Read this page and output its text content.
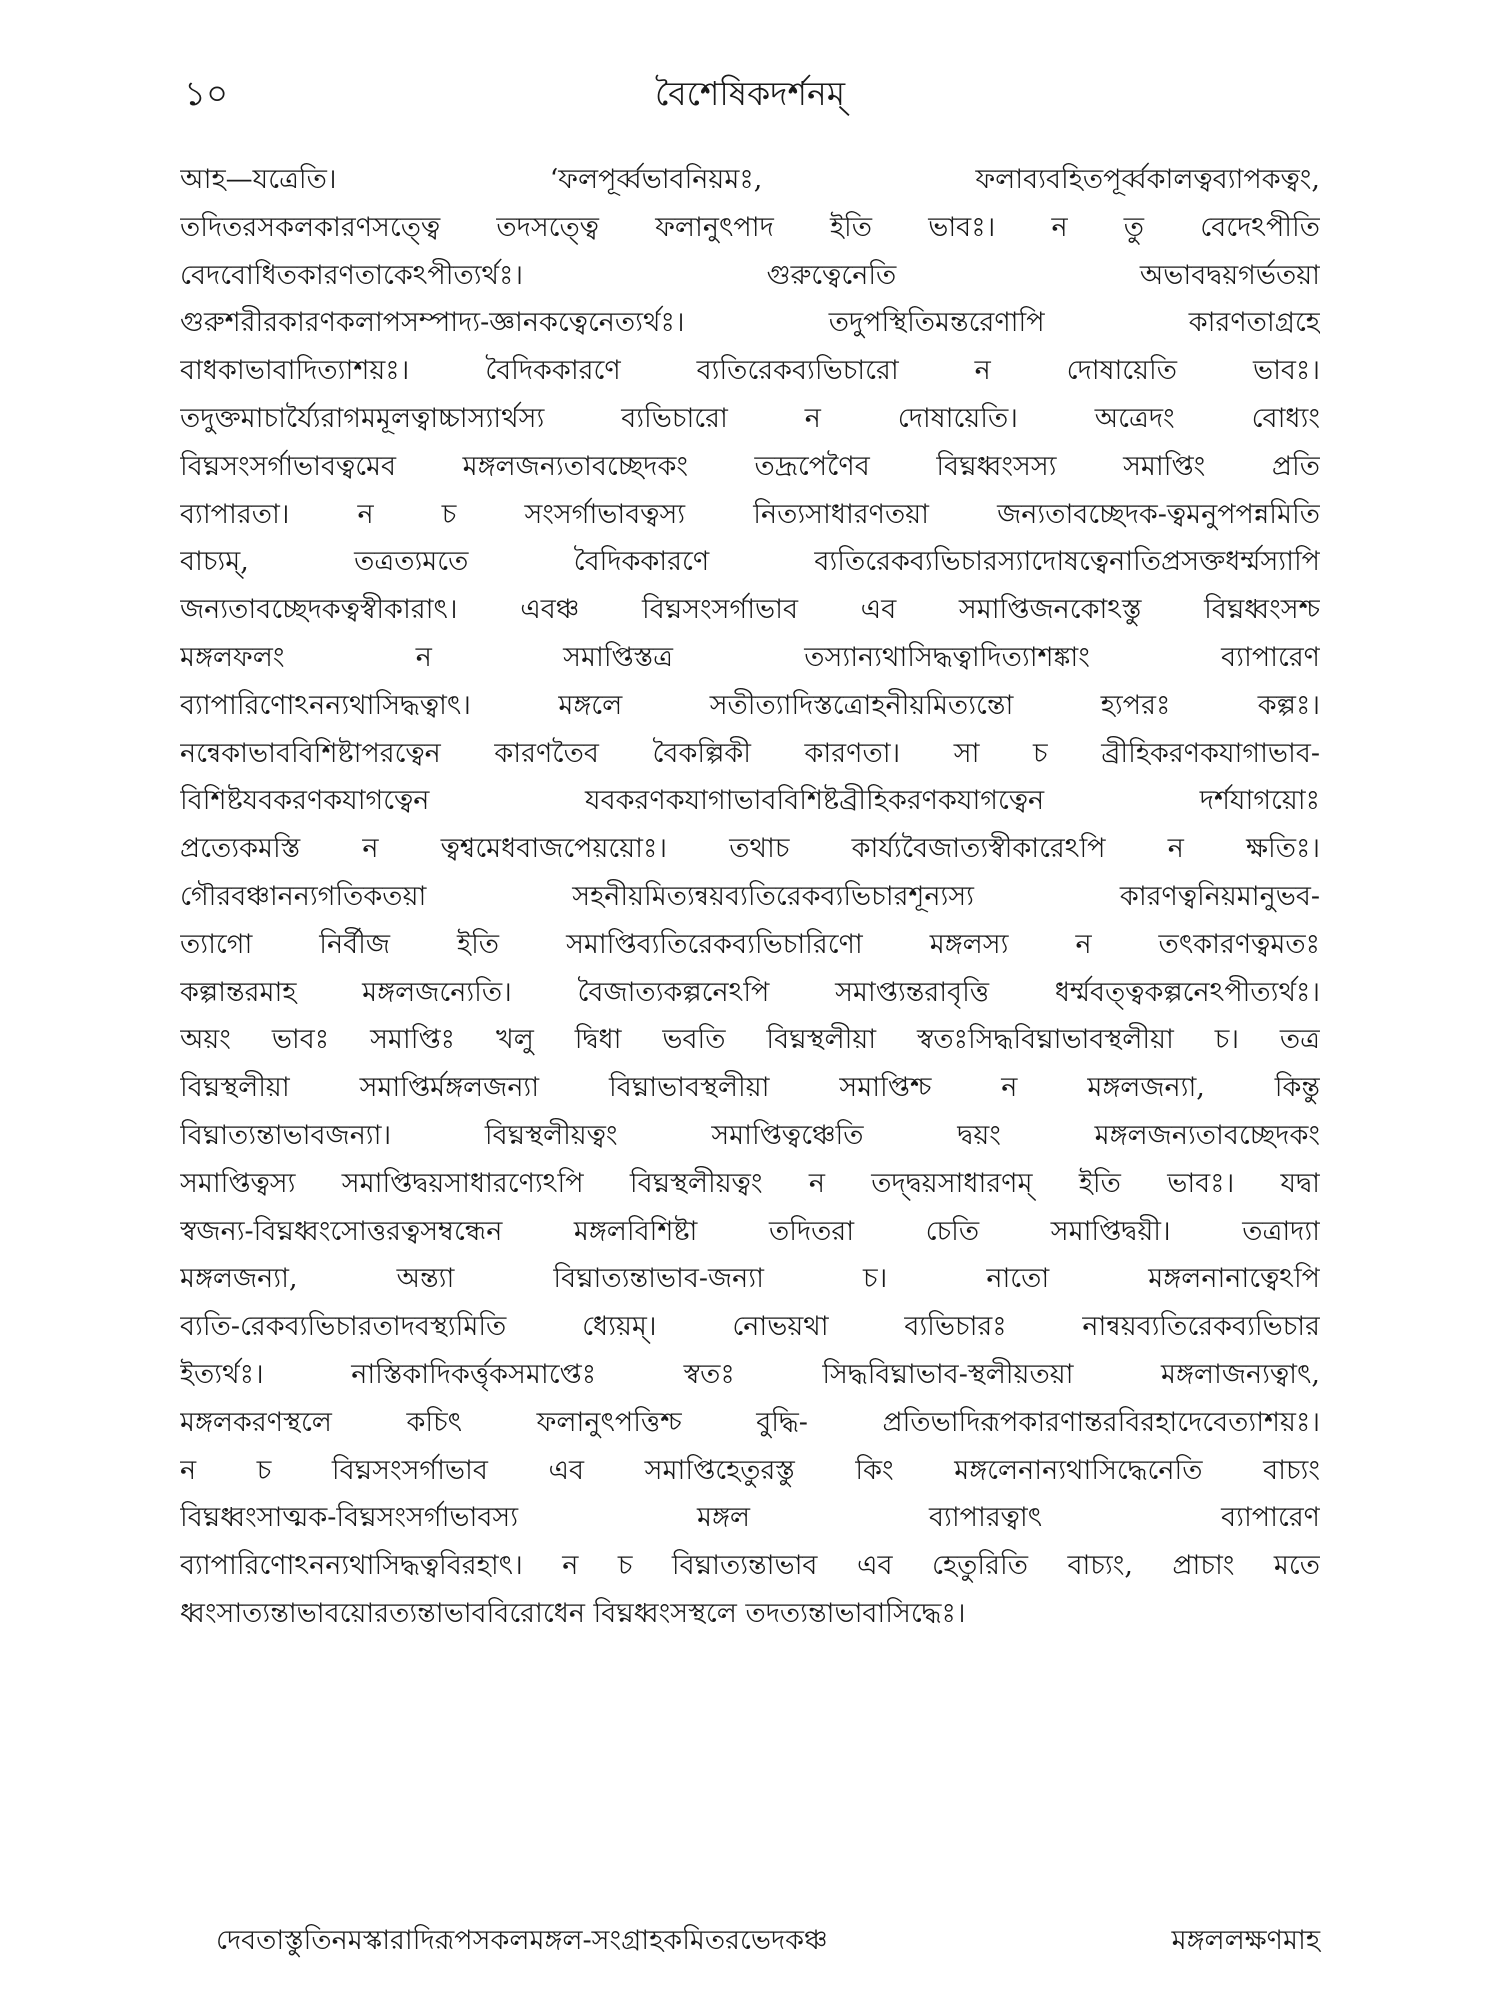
১০	বৈশেষিকদর্শনম্
আহ—যত্রেতি। ‘ফলপূর্ব্বভাবনিয়মঃ, ফলাব্যবহিতপূর্ব্বকালত্বব্যাপকত্বং,
তদিতরসকলকারণসত্ত্বে তদসত্ত্বে ফলানুৎপাদ ইতি ভাবঃ। ন তু বেদেঽপীতি
বেদবোধিতকারণতাকেঽপীত্যর্থঃ। গুরুত্বেনেতি অভাবদ্বয়গর্ভতয়া
গুরুশরীরকারণকলাপসম্পাদ্য-জ্ঞানকত্বেনেত্যর্থঃ। তদুপস্থিতিমন্তরেণাপি কারণতাগ্রহে
বাধকাভাবাদিত্যাশয়ঃ। বৈদিককারণে ব্যতিরেকব্যভিচারো ন দোষায়েতি ভাবঃ।
তদুক্তমাচার্য্যৈরাগমমূলত্বাচ্চাস্যার্থস্য ব্যভিচারো ন দোষায়েতি। অত্রেদং বোধ্যং
বিঘ্নসংসর্গাভাবত্বমেব মঙ্গলজন্যতাবচ্ছেদকং তদ্রূপেণৈব বিঘ্নধ্বংসস্য সমাপ্তিং প্রতি
ব্যাপারতা। ন চ সংসর্গাভাবত্বস্য নিত্যসাধারণতয়া জন্যতাবচ্ছেদক-ত্বমনুপপন্নমিতি
বাচ্যম্, তত্রত্যমতে বৈদিককারণে ব্যতিরেকব্যভিচারস্যাদোষত্বেনাতিপ্রসক্তধর্ম্মস্যাপি
জন্যতাবচ্ছেদকত্বস্বীকারাৎ। এবঞ্চ বিঘ্নসংসর্গাভাব এব সমাপ্তিজনকোঽস্তু বিঘ্নধ্বংসশ্চ
মঙ্গলফলং ন সমাপ্তিস্তত্র তস্যান্যথাসিদ্ধত্বাদিত্যাশঙ্কাং ব্যাপারেণ
ব্যাপারিণোঽনন্যথাসিদ্ধত্বাৎ। মঙ্গলে সতীত্যাদিস্তত্রোহনীয়মিত্যন্তো হ্যপরঃ কল্পঃ।
নন্বেকাভাববিশিষ্টাপরত্বেন কারণতৈব বৈকল্পিকী কারণতা। সা চ ব্রীহিকরণকযাগাভাব-
বিশিষ্টযবকরণকযাগত্বেন যবকরণকযাগাভাববিশিষ্টব্রীহিকরণকযাগত্বেন দর্শযাগয়োঃ
প্রত্যেকমস্তি ন ত্বশ্বমেধবাজপেয়য়োঃ। তথাচ কার্য্যবৈজাত্যস্বীকারেঽপি ন ক্ষতিঃ।
গৌরবঞ্চানন্যগতিকতয়া সহনীয়মিত্যন্বয়ব্যতিরেকব্যভিচারশূন্যস্য কারণত্বনিয়মানুভব-
ত্যাগো নির্বীজ ইতি সমাপ্তিব্যতিরেকব্যভিচারিণো মঙ্গলস্য ন তৎকারণত্বমতঃ
কল্পান্তরমাহ মঙ্গলজন্যেতি। বৈজাত্যকল্পনেঽপি সমাপ্ত্যন্তরাবৃত্তি ধর্ম্মবত্ত্বকল্পনেঽপীত্যর্থঃ।
অয়ং ভাবঃ সমাপ্তিঃ খলু দ্বিধা ভবতি বিঘ্নস্থলীয়া স্বতঃসিদ্ধবিঘ্নাভাবস্থলীয়া চ। তত্র
বিঘ্নস্থলীয়া সমাপ্তির্মঙ্গলজন্যা বিঘ্নাভাবস্থলীয়া সমাপ্তিশ্চ ন মঙ্গলজন্যা, কিন্তু
বিঘ্নাত্যন্তাভাবজন্যা। বিঘ্নস্থলীয়ত্বং সমাপ্তিত্বঞ্চেতি দ্বয়ং মঙ্গলজন্যতাবচ্ছেদকং
সমাপ্তিত্বস্য সমাপ্তিদ্বয়সাধারণ্যেঽপি বিঘ্নস্থলীয়ত্বং ন তদ্দ্বয়সাধারণম্ ইতি ভাবঃ। যদ্বা
স্বজন্য-বিঘ্নধ্বংসোত্তরত্বসম্বন্ধেন মঙ্গলবিশিষ্টা তদিতরা চেতি সমাপ্তিদ্বয়ী। তত্রাদ্যা
মঙ্গলজন্যা, অন্ত্যা বিঘ্নাত্যন্তাভাব-জন্যা চ। নাতো মঙ্গলনানাত্বেঽপি
ব্যতি-রেকব্যভিচারতাদবস্থ্যমিতি ধ্যেয়ম্। নোভয়থা ব্যভিচারঃ নান্বয়ব্যতিরেকব্যভিচার
ইত্যর্থঃ। নাস্তিকাদিকর্ত্তৃকসমাপ্তেঃ স্বতঃ সিদ্ধবিঘ্নাভাব-স্থলীয়তয়া মঙ্গলাজন্যত্বাৎ,
মঙ্গলকরণস্থলে কচিৎ ফলানুৎপত্তিশ্চ বুদ্ধি- প্রতিভাদিরূপকারণান্তরবিরহাদেবেত্যাশয়ঃ।
ন চ বিঘ্নসংসর্গাভাব এব সমাপ্তিহেতুরস্তু কিং মঙ্গলেনান্যথাসিদ্ধেনেতি বাচ্যং
বিঘ্নধ্বংসাত্মক-বিঘ্নসংসর্গাভাবস্য মঙ্গল ব্যাপারত্বাৎ ব্যাপারেণ
ব্যাপারিণোঽনন্যথাসিদ্ধত্ববিরহাৎ। ন চ বিঘ্নাত্যন্তাভাব এব হেতুরিতি বাচ্যং, প্রাচাং মতে
ধ্বংসাত্যন্তাভাবয়োরত্যন্তাভাববিরোধেন বিঘ্নধ্বংসস্থলে তদত্যন্তাভাবাসিদ্ধেঃ।
দেবতাস্তুতিনমস্কারাদিরূপসকলমঙ্গল-সংগ্রাহকমিতরভেদকঞ্চ	মঙ্গললক্ষণমাহ
